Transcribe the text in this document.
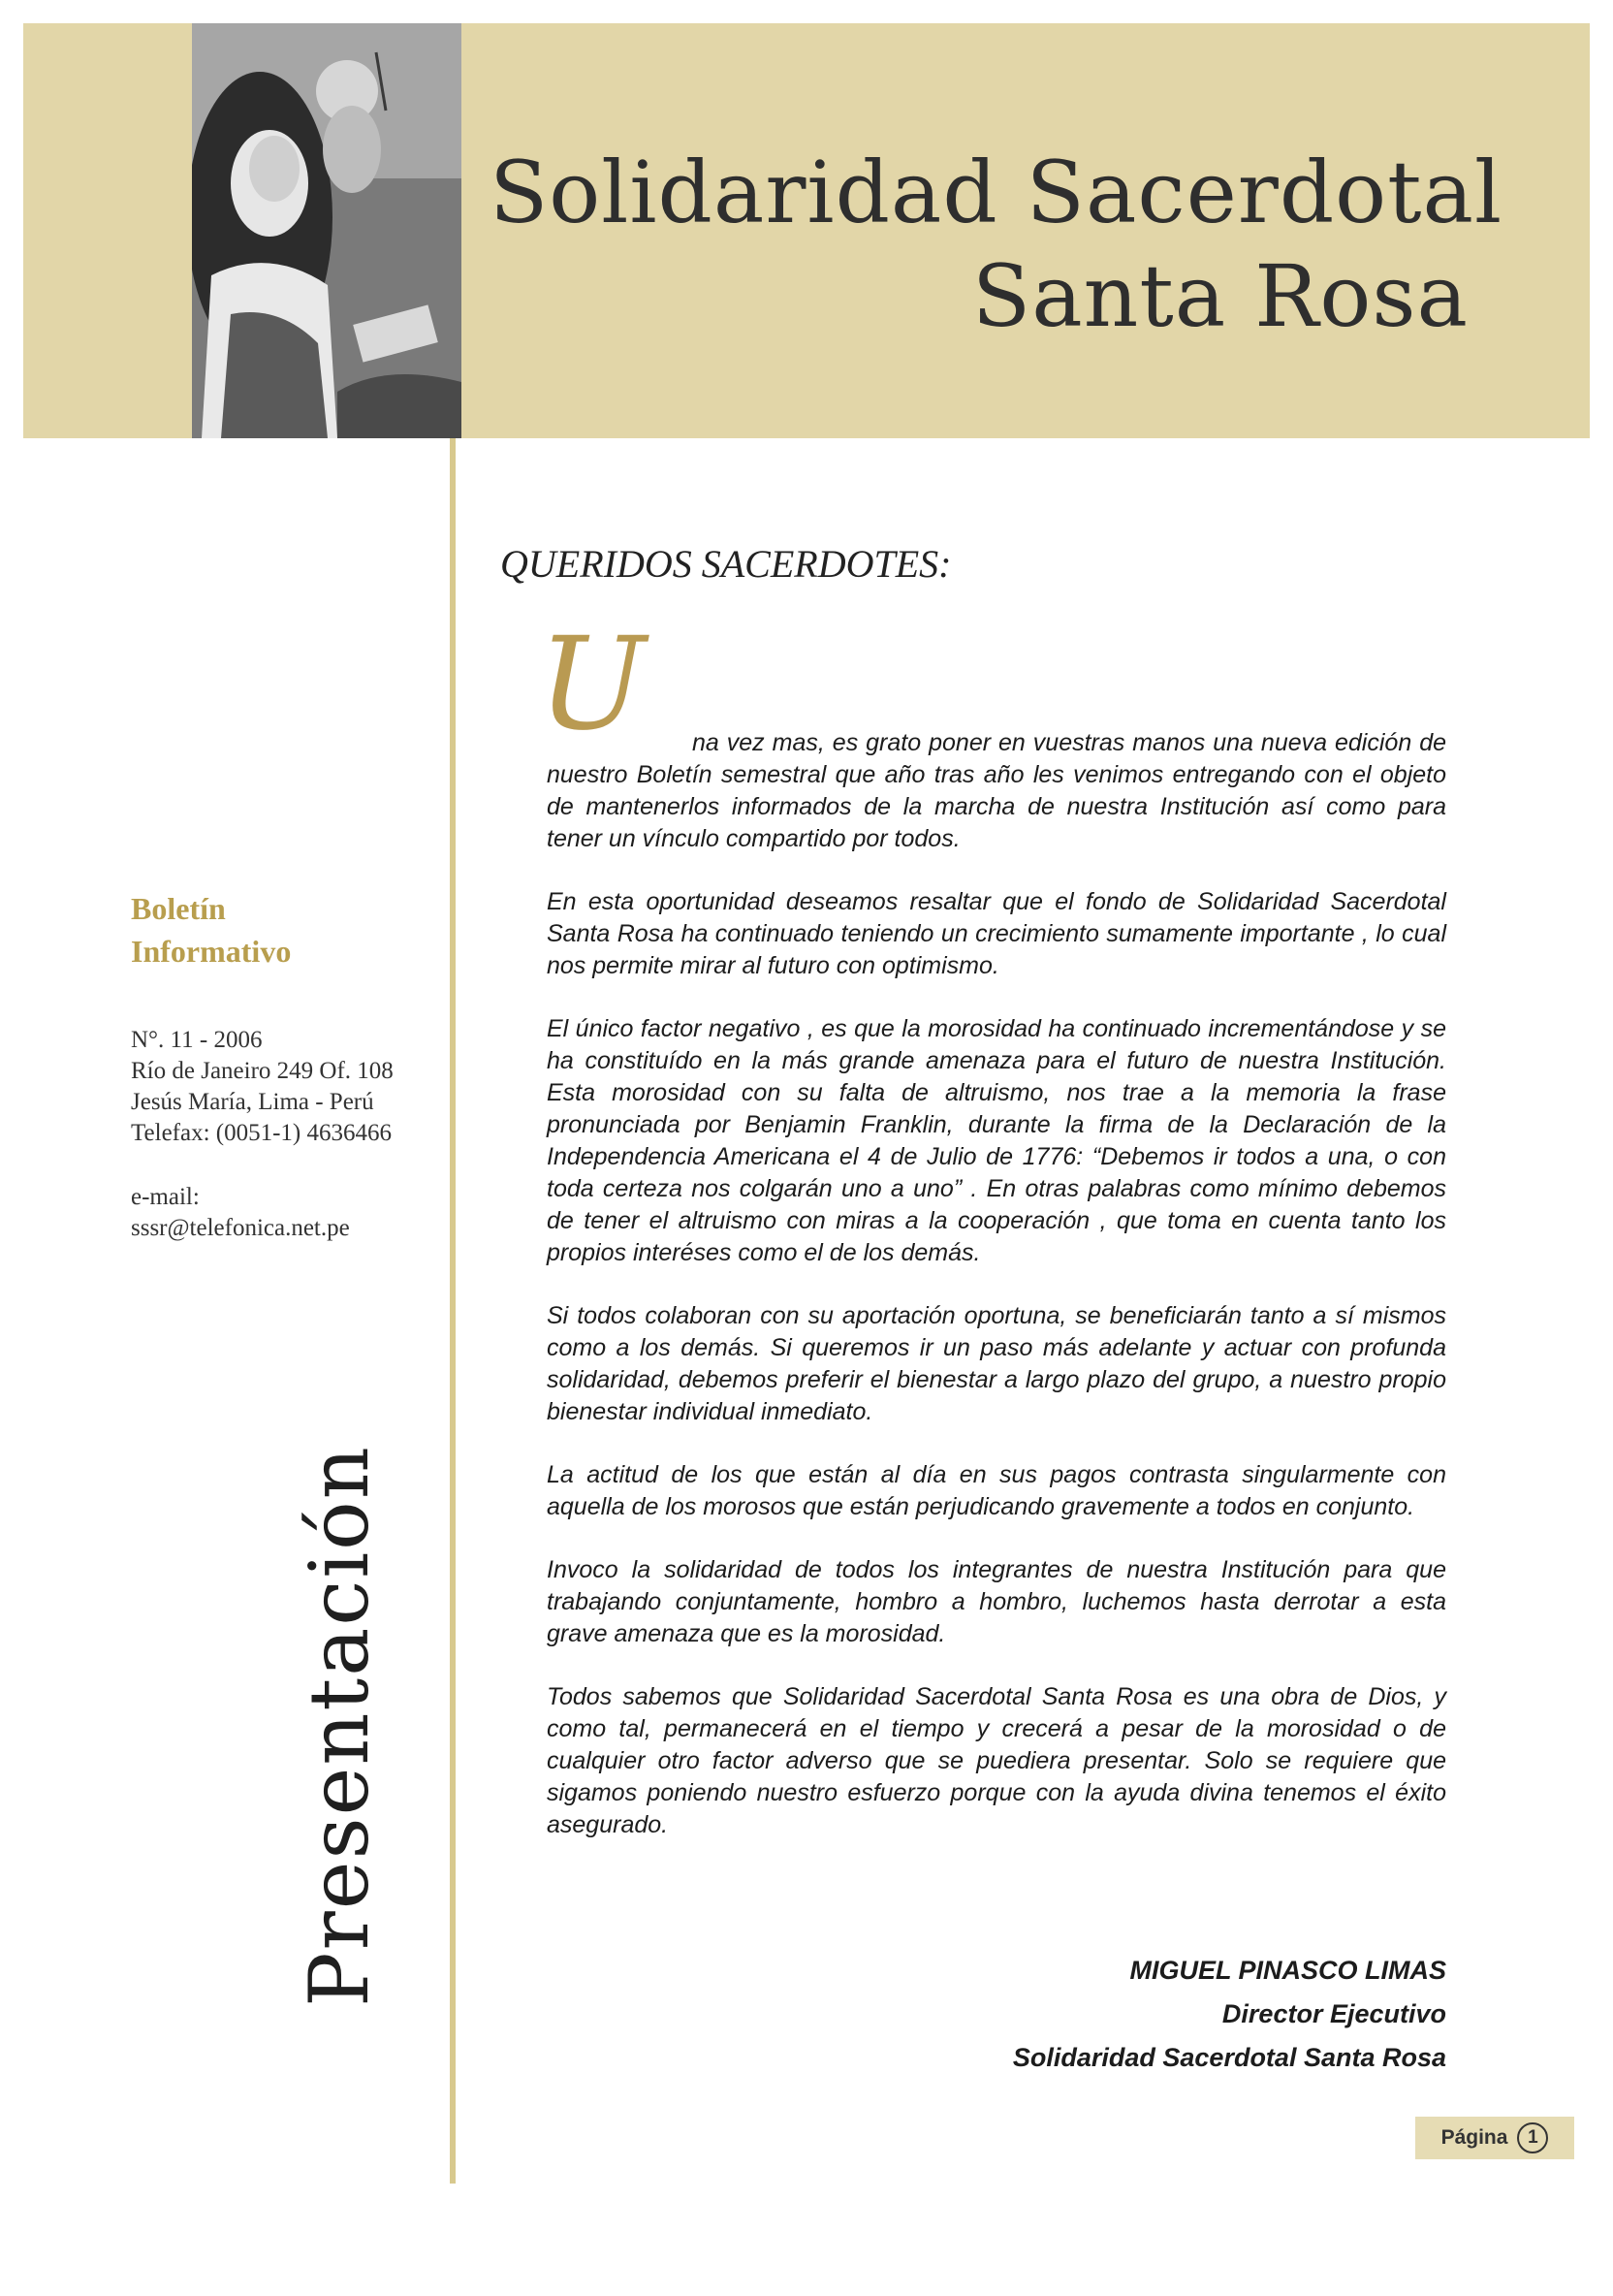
Solidaridad Sacerdotal
Santa Rosa

Boletín

Informativo

N°. 11 - 2006
Río de Janeiro 249 Of. 108
Jesús María, Lima - Perú
Telefax: (0051-1) 4636466
e-mail:
sssr@telefonica.net.pe
Presentación
QUERIDOS SACERDOTES:
U	na vez mas, es grato poner en vuestras manos una nueva edición de nuestro Boletín semestral que año tras año les venimos entregando con el objeto de mantenerlos informados de la marcha de nuestra Institución así como para tener un vínculo compartido por todos.

En esta oportunidad deseamos resaltar que el fondo de Solidaridad Sacerdotal Santa Rosa ha continuado teniendo un crecimiento sumamente importante , lo cual nos permite mirar al futuro con optimismo.

El único factor negativo , es que la morosidad ha continuado incrementándose y se ha constituído en la más grande amenaza para el futuro de nuestra Institución. Esta morosidad con su falta de altruismo, nos trae a la memoria la frase pronunciada por Benjamin Franklin, durante la firma de la Declaración de la Independencia Americana el 4 de Julio de 1776: “Debemos ir todos a una, o con toda certeza nos colgarán uno a uno” . En otras palabras como mínimo debemos de tener el altruismo con miras a la cooperación , que toma en cuenta tanto los propios interéses como el de los demás.

Si todos colaboran con su aportación oportuna, se beneficiarán tanto a sí mismos como a los demás. Si queremos ir un paso más adelante y actuar con profunda solidaridad, debemos preferir el bienestar a largo plazo del grupo, a nuestro propio bienestar individual inmediato.

La actitud de los que están al día en sus pagos contrasta singularmente con aquella de los morosos que están perjudicando gravemente a todos en conjunto.

Invoco la solidaridad de todos los integrantes de nuestra Institución para que trabajando conjuntamente, hombro a hombro, luchemos hasta derrotar a esta grave amenaza que es la morosidad.

Todos sabemos que Solidaridad Sacerdotal Santa Rosa es una obra de Dios, y como tal, permanecerá en el tiempo y crecerá a pesar de la morosidad o de cualquier otro factor adverso que se puediera presentar. Solo se requiere que sigamos poniendo nuestro esfuerzo porque con la ayuda divina tenemos el éxito asegurado.

MIGUEL PINASCO LIMAS
Director Ejecutivo
Solidaridad Sacerdotal Santa Rosa
Página	1
